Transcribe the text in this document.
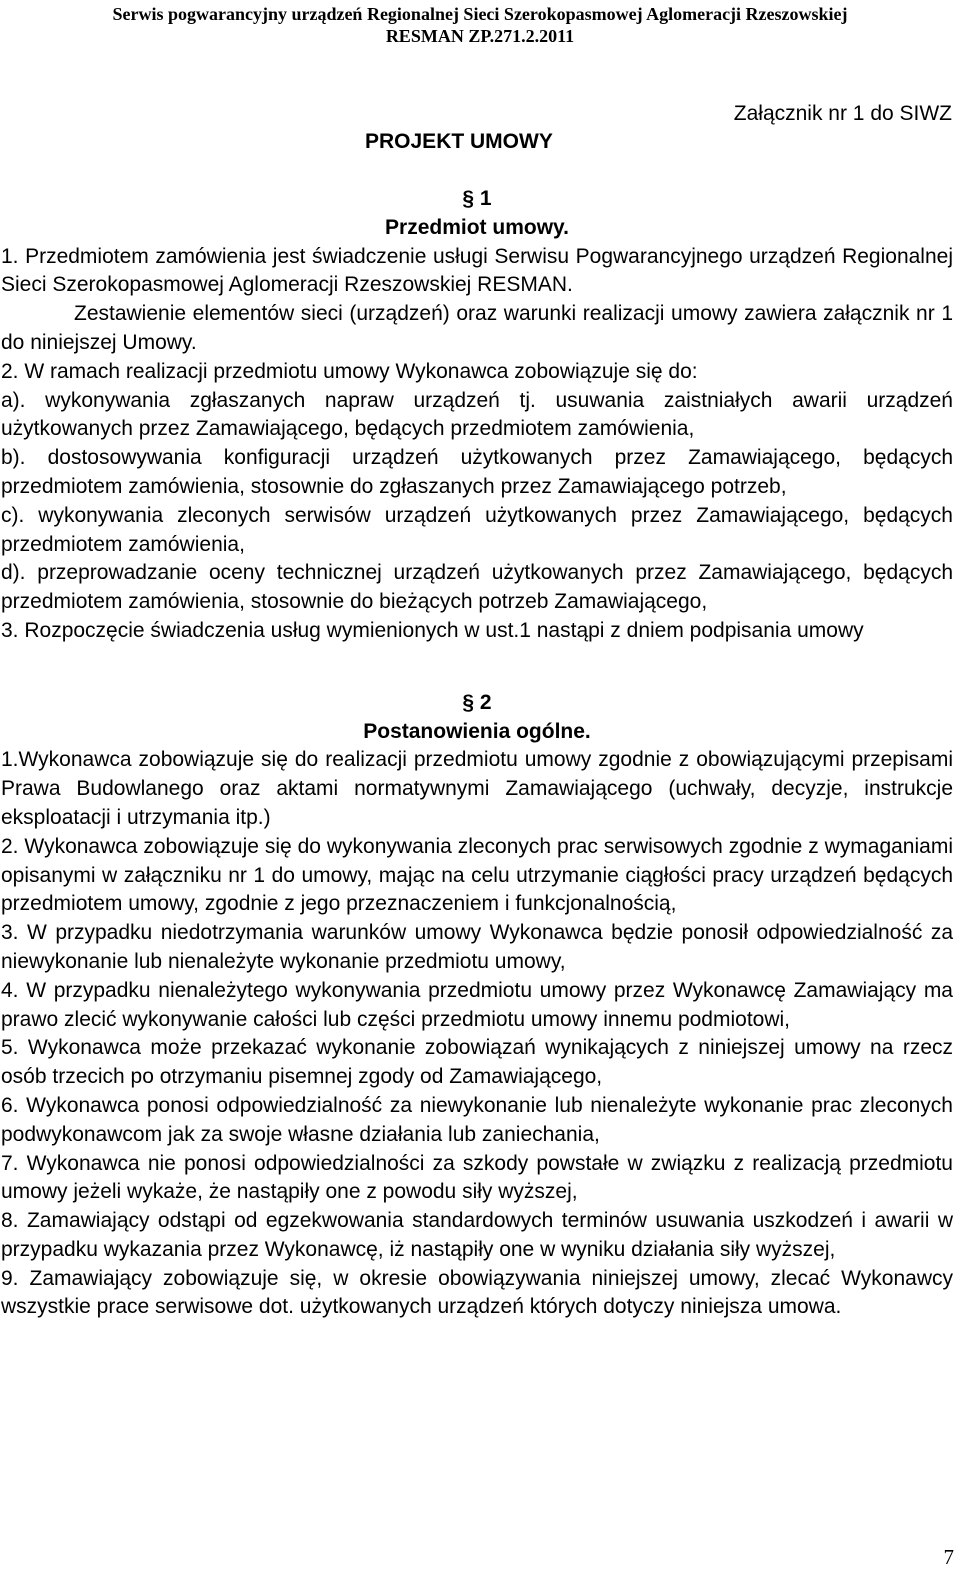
Serwis pogwarancyjny urządzeń Regionalnej Sieci Szerokopasmowej Aglomeracji Rzeszowskiej
RESMAN ZP.271.2.2011
Załącznik nr 1 do SIWZ
PROJEKT UMOWY
§ 1
Przedmiot umowy.

1. Przedmiotem zamówienia jest świadczenie usługi Serwisu Pogwarancyjnego urządzeń Regionalnej Sieci Szerokopasmowej Aglomeracji Rzeszowskiej RESMAN.

Zestawienie elementów sieci (urządzeń) oraz warunki realizacji umowy zawiera załącznik nr 1 do niniejszej Umowy.

2. W ramach realizacji przedmiotu umowy Wykonawca zobowiązuje się do:

a). wykonywania zgłaszanych napraw urządzeń tj. usuwania zaistniałych awarii urządzeń użytkowanych przez Zamawiającego, będących przedmiotem zamówienia,

b). dostosowywania konfiguracji urządzeń użytkowanych przez Zamawiającego, będących przedmiotem zamówienia, stosownie do zgłaszanych przez Zamawiającego potrzeb,

c). wykonywania zleconych serwisów urządzeń użytkowanych przez Zamawiającego, będących przedmiotem zamówienia,

d). przeprowadzanie oceny technicznej urządzeń użytkowanych przez Zamawiającego, będących przedmiotem zamówienia, stosownie do bieżących potrzeb Zamawiającego,

3. Rozpoczęcie świadczenia usług wymienionych w ust.1 nastąpi z dniem podpisania umowy

§ 2
Postanowienia ogólne.

1.Wykonawca zobowiązuje się do realizacji przedmiotu umowy zgodnie z obowiązującymi przepisami Prawa Budowlanego oraz aktami normatywnymi Zamawiającego (uchwały, decyzje, instrukcje eksploatacji i utrzymania itp.)

2. Wykonawca zobowiązuje się do wykonywania zleconych prac serwisowych zgodnie z wymaganiami opisanymi w załączniku nr 1 do umowy, mając na celu utrzymanie ciągłości pracy urządzeń będących przedmiotem umowy, zgodnie z jego przeznaczeniem i funkcjonalnością,

3. W przypadku niedotrzymania warunków umowy Wykonawca będzie ponosił odpowiedzialność za niewykonanie lub nienależyte wykonanie przedmiotu umowy,

4. W przypadku nienależytego wykonywania przedmiotu umowy przez Wykonawcę Zamawiający ma prawo zlecić wykonywanie całości lub części przedmiotu umowy innemu podmiotowi,

5. Wykonawca może przekazać wykonanie zobowiązań wynikających z niniejszej umowy na rzecz osób trzecich po otrzymaniu pisemnej zgody od Zamawiającego,

6. Wykonawca ponosi odpowiedzialność za niewykonanie lub nienależyte wykonanie prac zleconych podwykonawcom jak za swoje własne działania lub zaniechania,

7. Wykonawca nie ponosi odpowiedzialności za szkody powstałe w związku z realizacją przedmiotu umowy jeżeli wykaże, że nastąpiły one z powodu siły wyższej,

8. Zamawiający odstąpi od egzekwowania standardowych terminów usuwania uszkodzeń i awarii w przypadku wykazania przez Wykonawcę, iż nastąpiły one w wyniku działania siły wyższej,

9. Zamawiający zobowiązuje się, w okresie obowiązywania niniejszej umowy, zlecać Wykonawcy wszystkie prace serwisowe dot. użytkowanych urządzeń których dotyczy niniejsza umowa.

7
